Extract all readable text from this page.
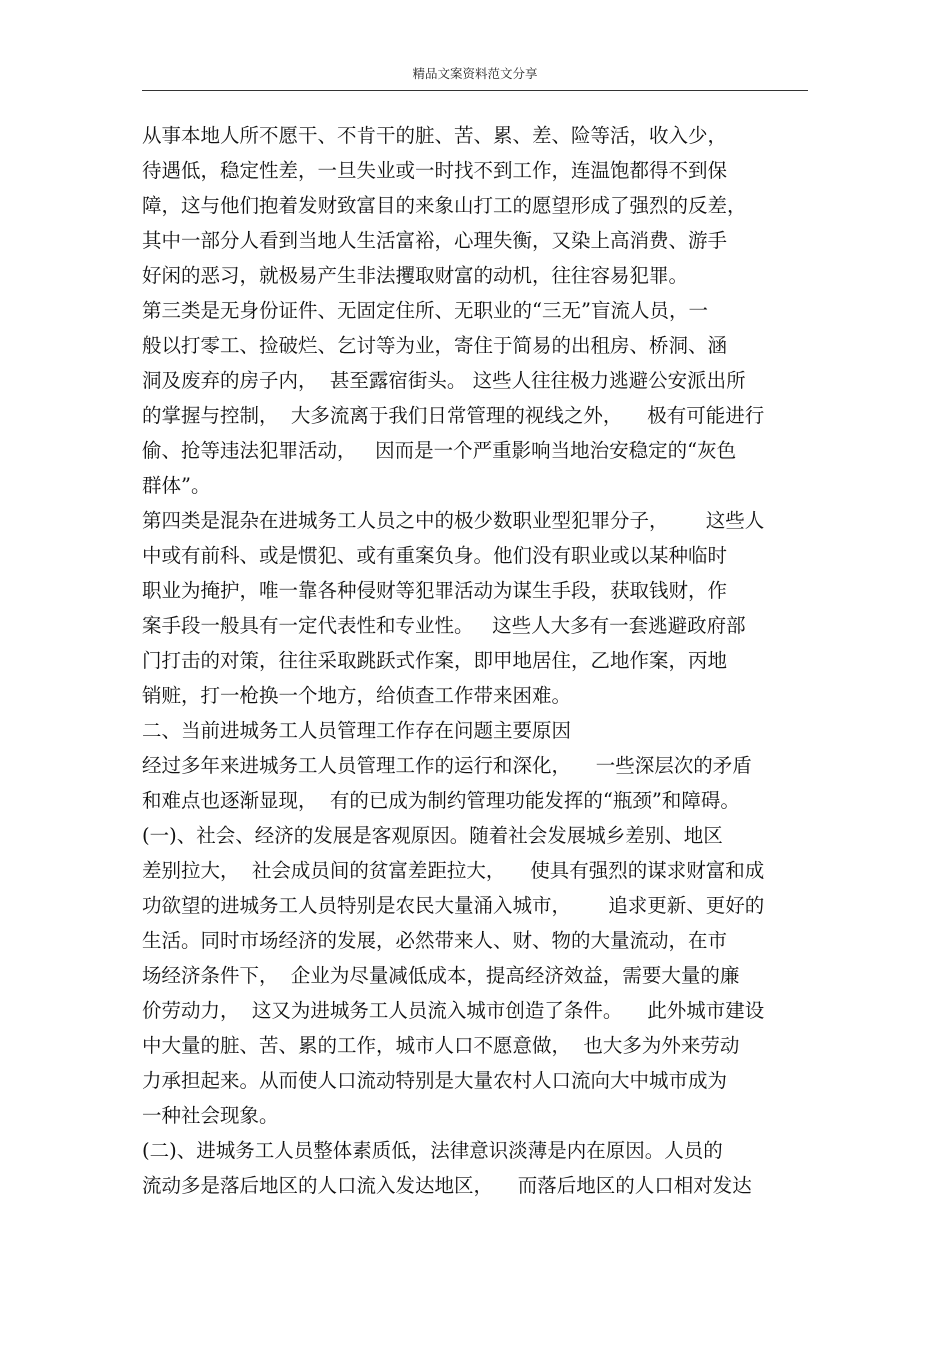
精品文案资料范文分享
从事本地人所不愿干、不肯干的脏、苦、累、差、险等活，收入少，
待遇低，稳定性差，一旦失业或一时找不到工作，连温饱都得不到保
障，这与他们抱着发财致富目的来象山打工的愿望形成了强烈的反差，
其中一部分人看到当地人生活富裕，心理失衡，又染上高消费、游手
好闲的恶习，就极易产生非法攫取财富的动机，往往容易犯罪。
第三类是无身份证件、无固定住所、无职业的“三无”盲流人员，一
般以打零工、捡破烂、乞讨等为业，寄住于简易的出租房、桥洞、涵
洞及废弃的房子内，  甚至露宿街头。 这些人往往极力逃避公安派出所
的掌握与控制，  大多流离于我们日常管理的视线之外，    极有可能进行
偷、抢等违法犯罪活动，   因而是一个严重影响当地治安稳定的“灰色
群体”。
第四类是混杂在进城务工人员之中的极少数职业型犯罪分子，      这些人
中或有前科、或是惯犯、或有重案负身。他们没有职业或以某种临时
职业为掩护，唯一靠各种侵财等犯罪活动为谋生手段，获取钱财，作
案手段一般具有一定代表性和专业性。   这些人大多有一套逃避政府部
门打击的对策，往往采取跳跃式作案，即甲地居住，乙地作案，丙地
销赃，打一枪换一个地方，给侦查工作带来困难。
二、当前进城务工人员管理工作存在问题主要原因
经过多年来进城务工人员管理工作的运行和深化，    一些深层次的矛盾
和难点也逐渐显现，  有的已成为制约管理功能发挥的“瓶颈”和障碍。
(一)、社会、经济的发展是客观原因。随着社会发展城乡差别、地区
差别拉大，  社会成员间的贫富差距拉大，    使具有强烈的谋求财富和成
功欲望的进城务工人员特别是农民大量涌入城市，      追求更新、更好的
生活。同时市场经济的发展，必然带来人、财、物的大量流动，在市
场经济条件下，  企业为尽量减低成本，提高经济效益，需要大量的廉
价劳动力，  这又为进城务工人员流入城市创造了条件。    此外城市建设
中大量的脏、苦、累的工作，城市人口不愿意做，  也大多为外来劳动
力承担起来。从而使人口流动特别是大量农村人口流向大中城市成为
一种社会现象。
(二)、进城务工人员整体素质低，法律意识淡薄是内在原因。人员的
流动多是落后地区的人口流入发达地区，    而落后地区的人口相对发达
